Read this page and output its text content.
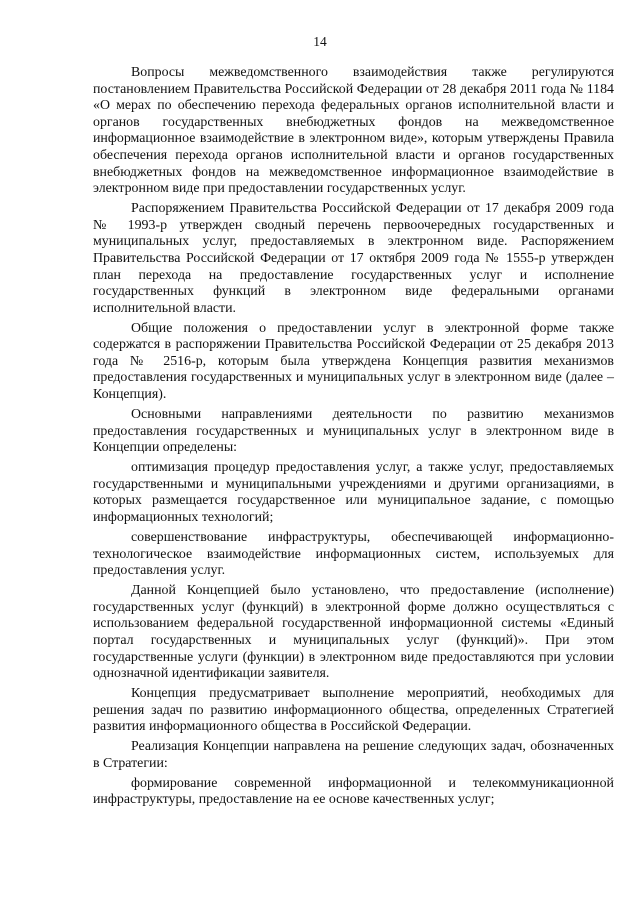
14

Вопросы межведомственного взаимодействия также регулируются постановлением Правительства Российской Федерации от 28 декабря 2011 года № 1184 «О мерах по обеспечению перехода федеральных органов исполнительной власти и органов государственных внебюджетных фондов на межведомственное информационное взаимодействие в электронном виде», которым утверждены Правила обеспечения перехода органов исполнительной власти и органов государственных внебюджетных фондов на межведомственное информационное взаимодействие в электронном виде при предоставлении государственных услуг.

Распоряжением Правительства Российской Федерации от 17 декабря 2009 года № 1993-р утвержден сводный перечень первоочередных государственных и муниципальных услуг, предоставляемых в электронном виде. Распоряжением Правительства Российской Федерации от 17 октября 2009 года № 1555-р утвержден план перехода на предоставление государственных услуг и исполнение государственных функций в электронном виде федеральными органами исполнительной власти.

Общие положения о предоставлении услуг в электронной форме также содержатся в распоряжении Правительства Российской Федерации от 25 декабря 2013 года № 2516-р, которым была утверждена Концепция развития механизмов предоставления государственных и муниципальных услуг в электронном виде (далее – Концепция).

Основными направлениями деятельности по развитию механизмов предоставления государственных и муниципальных услуг в электронном виде в Концепции определены:

оптимизация процедур предоставления услуг, а также услуг, предоставляемых государственными и муниципальными учреждениями и другими организациями, в которых размещается государственное или муниципальное задание, с помощью информационных технологий;

совершенствование инфраструктуры, обеспечивающей информационно-технологическое взаимодействие информационных систем, используемых для предоставления услуг.

Данной Концепцией было установлено, что предоставление (исполнение) государственных услуг (функций) в электронной форме должно осуществляться с использованием федеральной государственной информационной системы «Единый портал государственных и муниципальных услуг (функций)». При этом государственные услуги (функции) в электронном виде предоставляются при условии однозначной идентификации заявителя.

Концепция предусматривает выполнение мероприятий, необходимых для решения задач по развитию информационного общества, определенных Стратегией развития информационного общества в Российской Федерации.

Реализация Концепции направлена на решение следующих задач, обозначенных в Стратегии:

формирование современной информационной и телекоммуникационной инфраструктуры, предоставление на ее основе качественных услуг;
